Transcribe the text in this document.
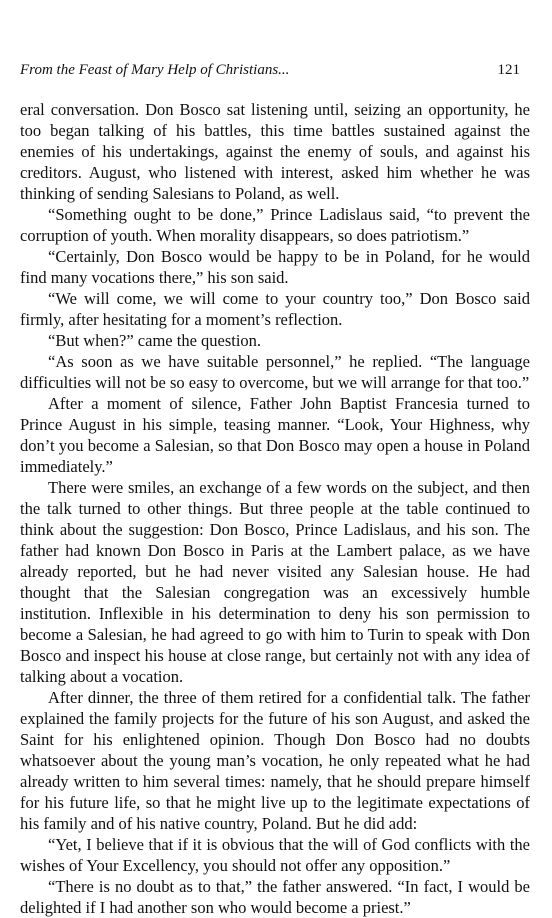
From the Feast of Mary Help of Christians...	121

eral conversation. Don Bosco sat listening until, seizing an opportunity, he too began talking of his battles, this time battles sustained against the enemies of his undertakings, against the enemy of souls, and against his creditors. August, who listened with interest, asked him whether he was thinking of sending Salesians to Poland, as well.

“Something ought to be done,” Prince Ladislaus said, “to prevent the corruption of youth. When morality disappears, so does patriotism.”

“Certainly, Don Bosco would be happy to be in Poland, for he would find many vocations there,” his son said.

“We will come, we will come to your country too,” Don Bosco said firmly, after hesitating for a moment’s reflection.

“But when?” came the question.

“As soon as we have suitable personnel,” he replied. “The language difficulties will not be so easy to overcome, but we will arrange for that too.”

After a moment of silence, Father John Baptist Francesia turned to Prince August in his simple, teasing manner. “Look, Your Highness, why don’t you become a Salesian, so that Don Bosco may open a house in Poland immediately.”

There were smiles, an exchange of a few words on the subject, and then the talk turned to other things. But three people at the table continued to think about the suggestion: Don Bosco, Prince Ladislaus, and his son. The father had known Don Bosco in Paris at the Lambert palace, as we have already reported, but he had never visited any Salesian house. He had thought that the Salesian congregation was an excessively humble institution. Inflexible in his determination to deny his son permission to become a Salesian, he had agreed to go with him to Turin to speak with Don Bosco and inspect his house at close range, but certainly not with any idea of talking about a vocation.

After dinner, the three of them retired for a confidential talk. The father explained the family projects for the future of his son August, and asked the Saint for his enlightened opinion. Though Don Bosco had no doubts whatsoever about the young man’s vocation, he only repeated what he had already written to him several times: namely, that he should prepare himself for his future life, so that he might live up to the legitimate expectations of his family and of his native country, Poland. But he did add:

“Yet, I believe that if it is obvious that the will of God conflicts with the wishes of Your Excellency, you should not offer any opposition.”

“There is no doubt as to that,” the father answered. “In fact, I would be delighted if I had another son who would become a priest.”
